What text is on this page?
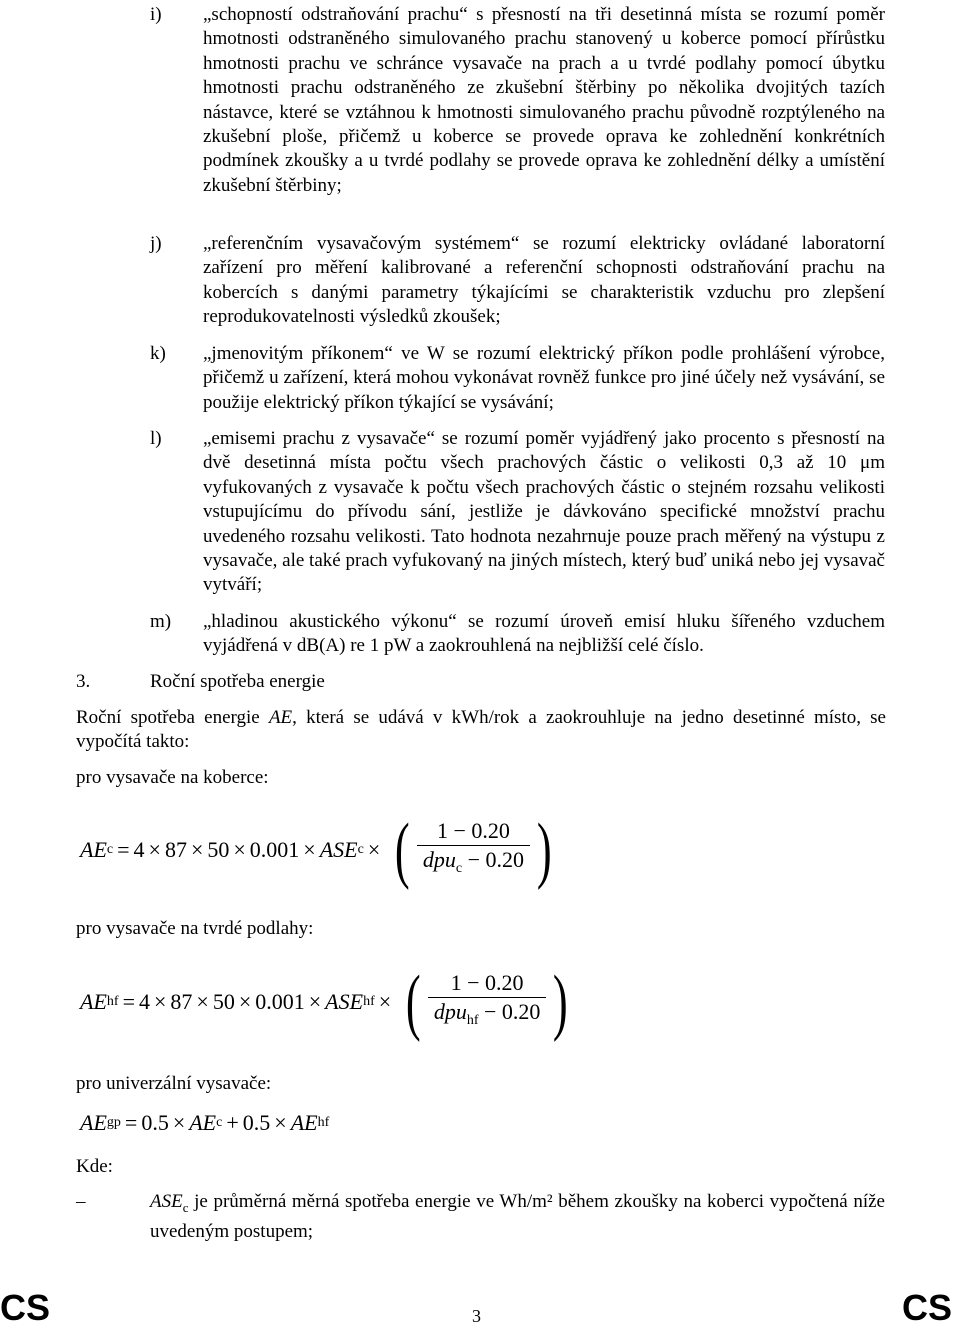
i)	„schopností odstraňování prachu“ s přesností na tři desetinná místa se rozumí poměr hmotnosti odstraněného simulovaného prachu stanovený u koberce pomocí přírůstku hmotnosti prachu ve schránce vysavače na prach a u tvrdé podlahy pomocí úbytku hmotnosti prachu odstraněného ze zkušební štěrbiny po několika dvojitých tazích nástavce, které se vztáhnou k hmotnosti simulovaného prachu původně rozptýleného na zkušební ploše, přičemž u koberce se provede oprava ke zohlednění konkrétních podmínek zkoušky a u tvrdé podlahy se provede oprava ke zohlednění délky a umístění zkušební štěrbiny;
j)	„referenčním vysavačovým systémem“ se rozumí elektricky ovládané laboratorní zařízení pro měření kalibrované a referenční schopnosti odstraňování prachu na kobercích s danými parametry týkajícími se charakteristik vzduchu pro zlepšení reprodukovatelnosti výsledků zkoušek;
k)	„jmenovitým příkonem“ ve W se rozumí elektrický příkon podle prohlášení výrobce, přičemž u zařízení, která mohou vykonávat rovněž funkce pro jiné účely než vysávání, se použije elektrický příkon týkající se vysávání;
l)	„emisemi prachu z vysavače“ se rozumí poměr vyjádřený jako procento s přesností na dvě desetinná místa počtu všech prachových částic o velikosti 0,3 až 10 μm vyfukovaných z vysavače k počtu všech prachových částic o stejném rozsahu velikosti vstupujícímu do přívodu sání, jestliže je dávkováno specifické množství prachu uvedeného rozsahu velikosti. Tato hodnota nezahrnuje pouze prach měřený na výstupu z vysavače, ale také prach vyfukovaný na jiných místech, který buď uniká nebo jej vysavač vytváří;
m)	„hladinou akustického výkonu“ se rozumí úroveň emisí hluku šířeného vzduchem vyjádřená v dB(A) re 1 pW a zaokrouhlená na nejbližší celé číslo.
3.	Roční spotřeba energie
Roční spotřeba energie AE, která se udává v kWh/rok a zaokrouhluje na jedno desetinné místo, se vypočítá takto:
pro vysavače na koberce:
AE c = 4 × 87 × 50 × 0.001 × ASE c × ( $\frac{1 - 0.20}{dpu_c - 0.20}$ )
pro vysavače na tvrdé podlahy:
AE hf = 4 × 87 × 50 × 0.001 × ASE hf × ( $\frac{1 - 0.20}{dpu_{hf} - 0.20}$ )
pro univerzální vysavače:
AE gp = 0.5 × AE c + 0.5 × AE hf
Kde:
–	$ASE_c$ je průměrná měrná spotřeba energie ve Wh/m² během zkoušky na koberci vypočtená níže uvedeným postupem;
CS	3	CS
